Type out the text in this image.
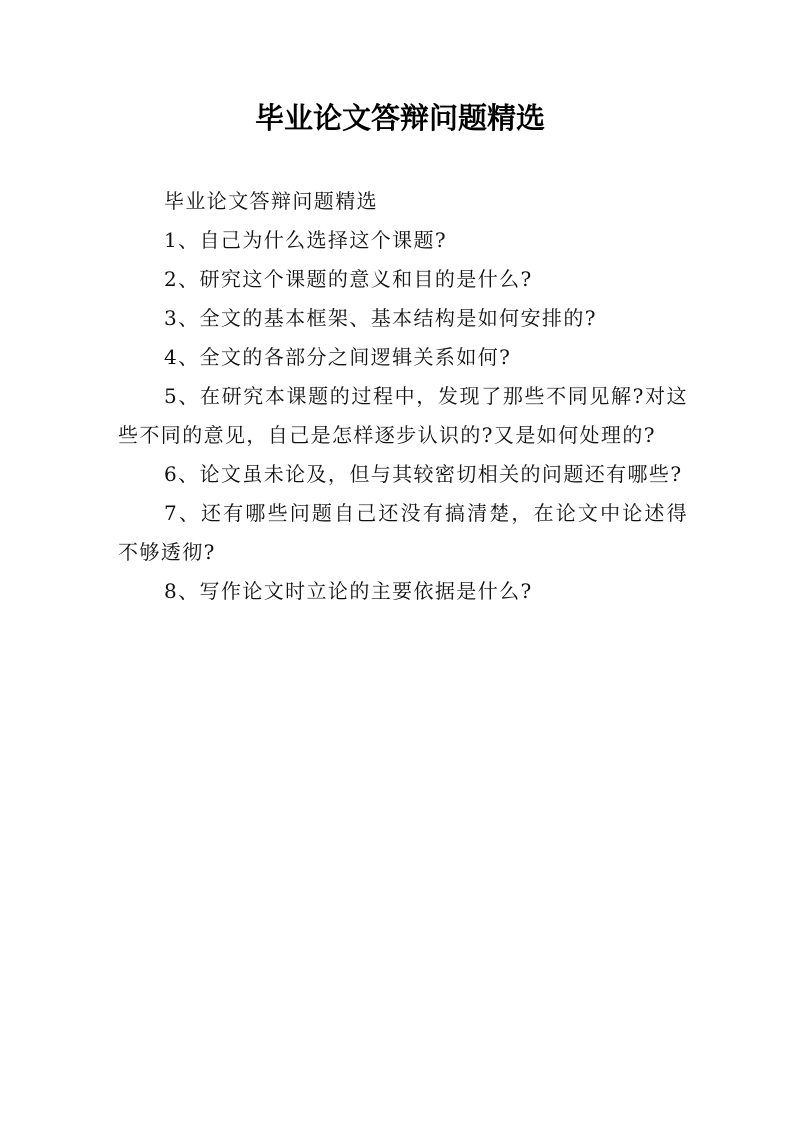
毕业论文答辩问题精选

毕业论文答辩问题精选

1、自己为什么选择这个课题?

2、研究这个课题的意义和目的是什么?

3、全文的基本框架、基本结构是如何安排的?

4、全文的各部分之间逻辑关系如何?

5、在研究本课题的过程中，发现了那些不同见解?对这些不同的意见，自己是怎样逐步认识的?又是如何处理的?

6、论文虽未论及，但与其较密切相关的问题还有哪些?

7、还有哪些问题自己还没有搞清楚，在论文中论述得不够透彻?

8、写作论文时立论的主要依据是什么?
